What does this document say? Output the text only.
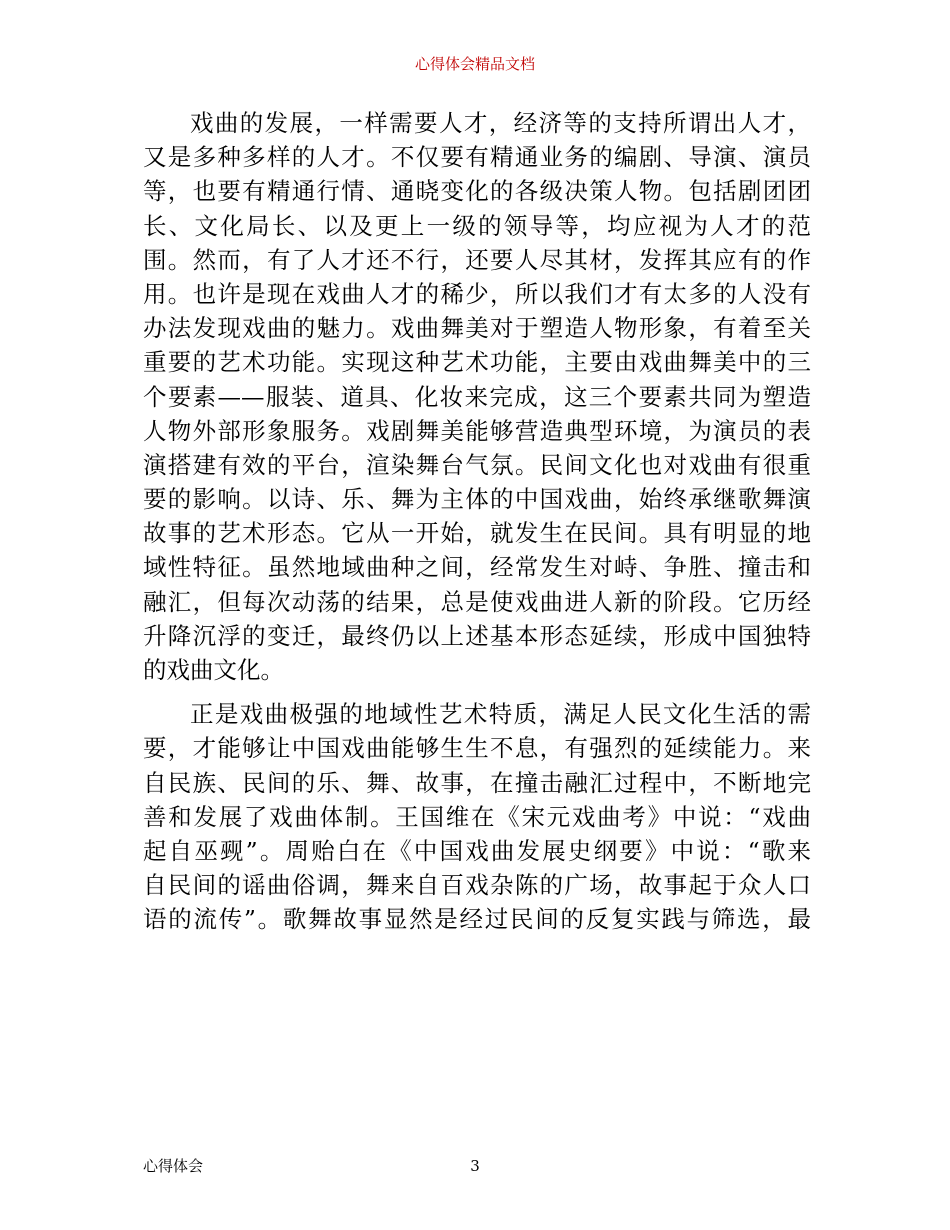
心得体会精品文档
戏曲的发展，一样需要人才，经济等的支持所谓出人才，
又是多种多样的人才。不仅要有精通业务的编剧、导演、演员
等，也要有精通行情、通晓变化的各级决策人物。包括剧团团
长、文化局长、以及更上一级的领导等，均应视为人才的范
围。然而，有了人才还不行，还要人尽其材，发挥其应有的作
用。也许是现在戏曲人才的稀少，所以我们才有太多的人没有
办法发现戏曲的魅力。戏曲舞美对于塑造人物形象，有着至关
重要的艺术功能。实现这种艺术功能，主要由戏曲舞美中的三
个要素——服装、道具、化妆来完成，这三个要素共同为塑造
人物外部形象服务。戏剧舞美能够营造典型环境，为演员的表
演搭建有效的平台，渲染舞台气氛。民间文化也对戏曲有很重
要的影响。以诗、乐、舞为主体的中国戏曲，始终承继歌舞演
故事的艺术形态。它从一开始，就发生在民间。具有明显的地
域性特征。虽然地域曲种之间，经常发生对峙、争胜、撞击和
融汇，但每次动荡的结果，总是使戏曲进人新的阶段。它历经
升降沉浮的变迁，最终仍以上述基本形态延续，形成中国独特
的戏曲文化。
正是戏曲极强的地域性艺术特质，满足人民文化生活的需
要，才能够让中国戏曲能够生生不息，有强烈的延续能力。来
自民族、民间的乐、舞、故事，在撞击融汇过程中，不断地完
善和发展了戏曲体制。王国维在《宋元戏曲考》中说：“戏曲
起自巫觋”。周贻白在《中国戏曲发展史纲要》中说：“歌来
自民间的谣曲俗调，舞来自百戏杂陈的广场，故事起于众人口
语的流传”。歌舞故事显然是经过民间的反复实践与筛选，最
心得体会	3
